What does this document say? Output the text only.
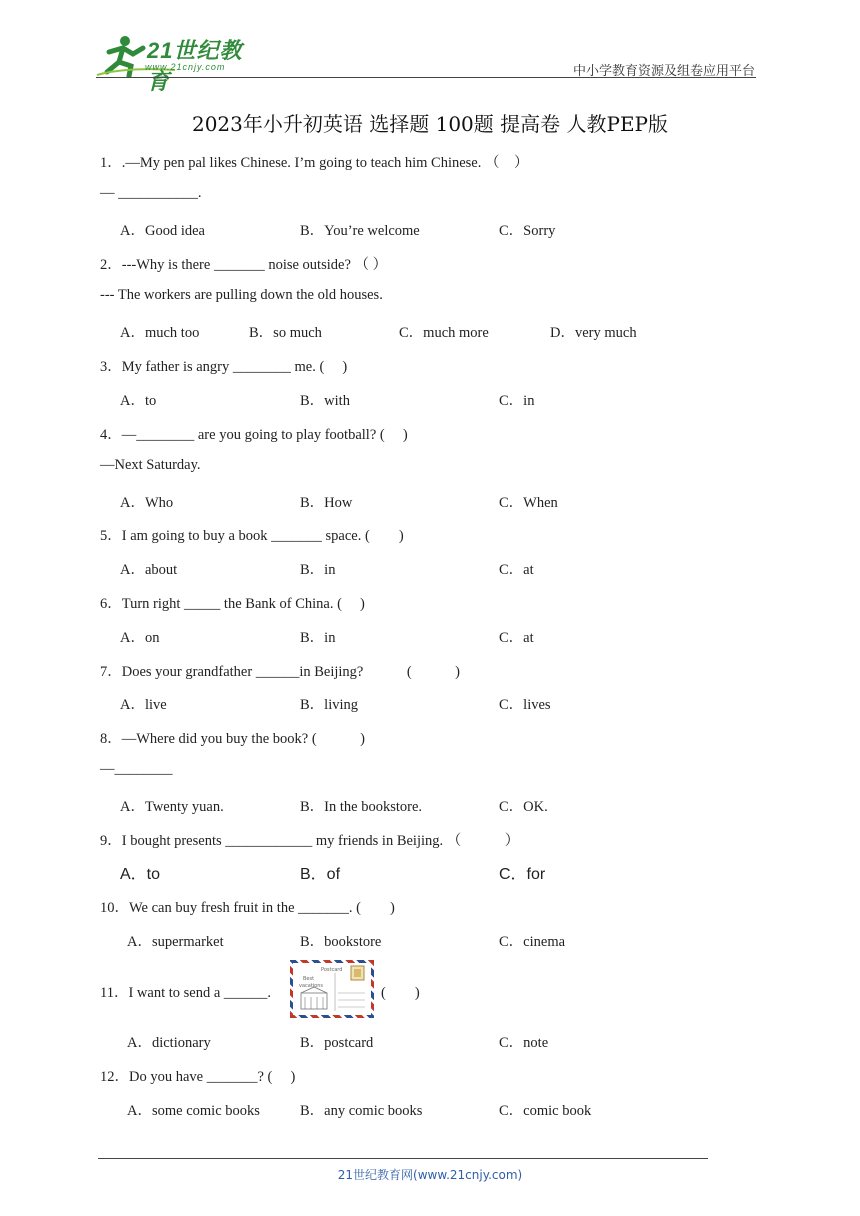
21世纪教育
www.21cnjy.com	中小学教育资源及组卷应用平台
2023年小升初英语 选择题 100题 提高卷 人教PEP版
1．.—My pen pal likes Chinese. I’m going to teach him Chinese. （　）
— ___________.
A．Good idea	B．You’re welcome	C．Sorry
2．---Why is there _______ noise outside? （ ）
--- The workers are pulling down the old houses.
A．much too	B．so much	C．much more	D．very much
3．My father is angry ________ me. (　 )
A．to	B．with	C．in
4．—________ are you going to play football? (　 )
—Next Saturday.
A．Who	B．How	C．When
5．I am going to buy a book _______ space. (　　)
A．about	B．in	C．at
6．Turn right _____ the Bank of China. (　 )
A．on	B．in	C．at
7．Does your grandfather ______in Beijing?　　　(　　　)
A．live	B．living	C．lives
8．—Where did you buy the book? (　　　)
—________
A．Twenty yuan.	B．In the bookstore.	C．OK.
9．I bought presents ____________ my friends in Beijing. （　　　）
A．to	B．of	C．for
10．We can buy fresh fruit in the _______. (　　)
A．supermarket	B．bookstore	C．cinema
11．I want to send a ______.
Postcard
Best
vacations	(　　)
A．dictionary	B．postcard	C．note
12．Do you have _______? (　 )
A．some comic books	B．any comic books	C．comic book
21世纪教育网(www.21cnjy.com)
